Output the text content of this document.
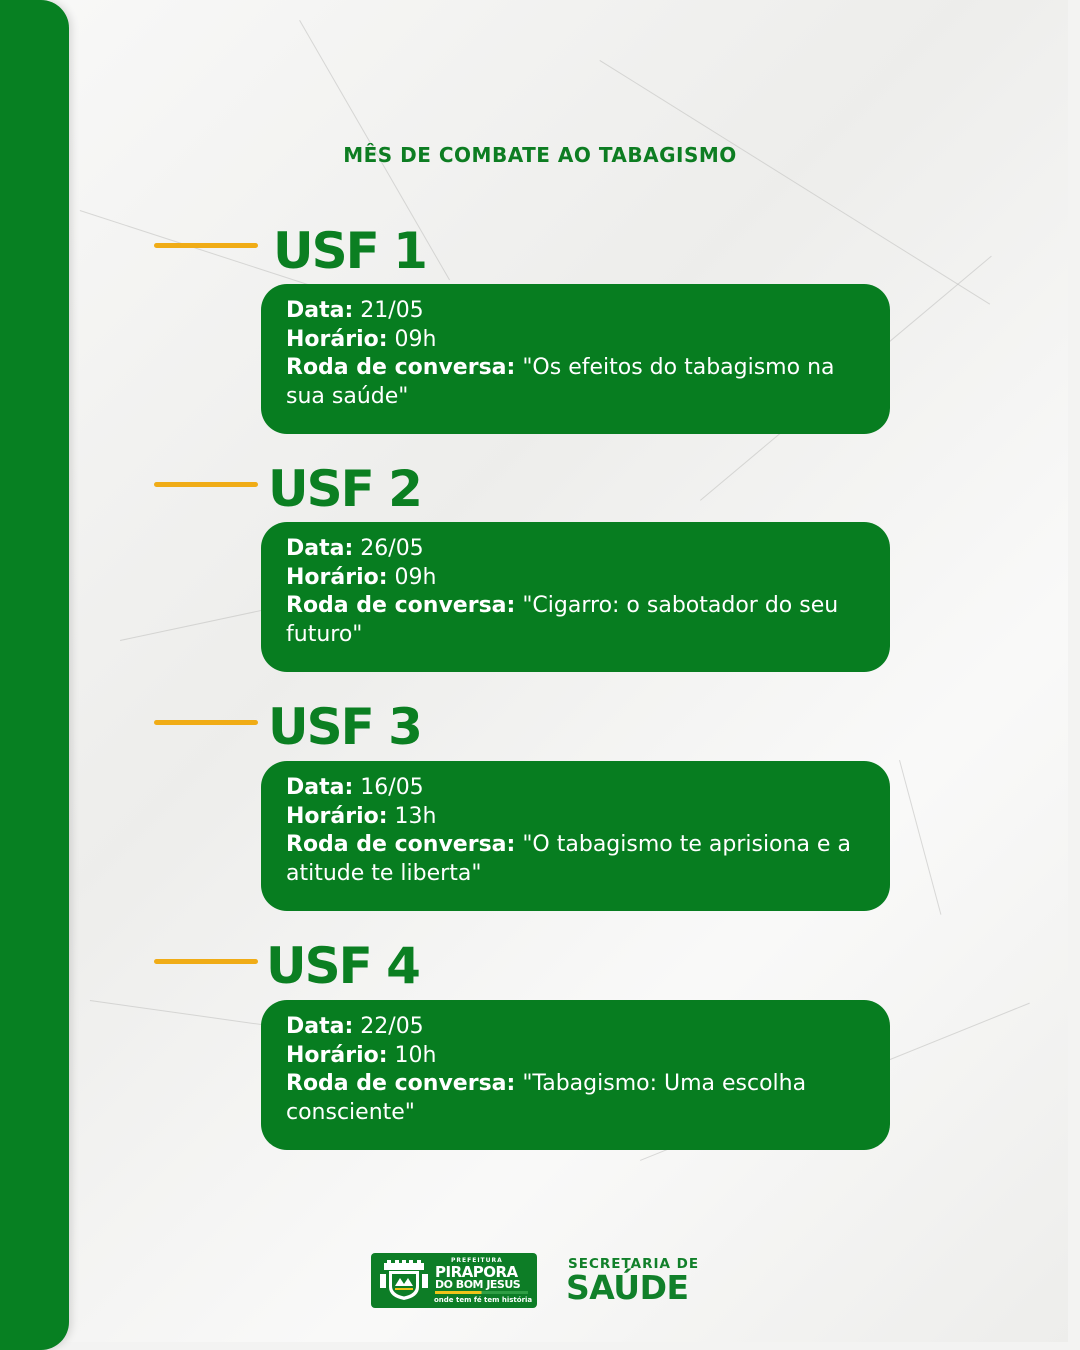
MÊS DE COMBATE AO TABAGISMO
USF 1
Data: 21/05
Horário: 09h
Roda de conversa: "Os efeitos do tabagismo na sua saúde"
USF 2
Data: 26/05
Horário: 09h
Roda de conversa: "Cigarro: o sabotador do seu futuro"
USF 3
Data: 16/05
Horário: 13h
Roda de conversa: "O tabagismo te aprisiona e a atitude te liberta"
USF 4
Data: 22/05
Horário: 10h
Roda de conversa: "Tabagismo: Uma escolha consciente"
PREFEITURA
PIRAPORA
DO BOM JESUS
onde tem fé tem história
SECRETARIA DE
SAÚDE
